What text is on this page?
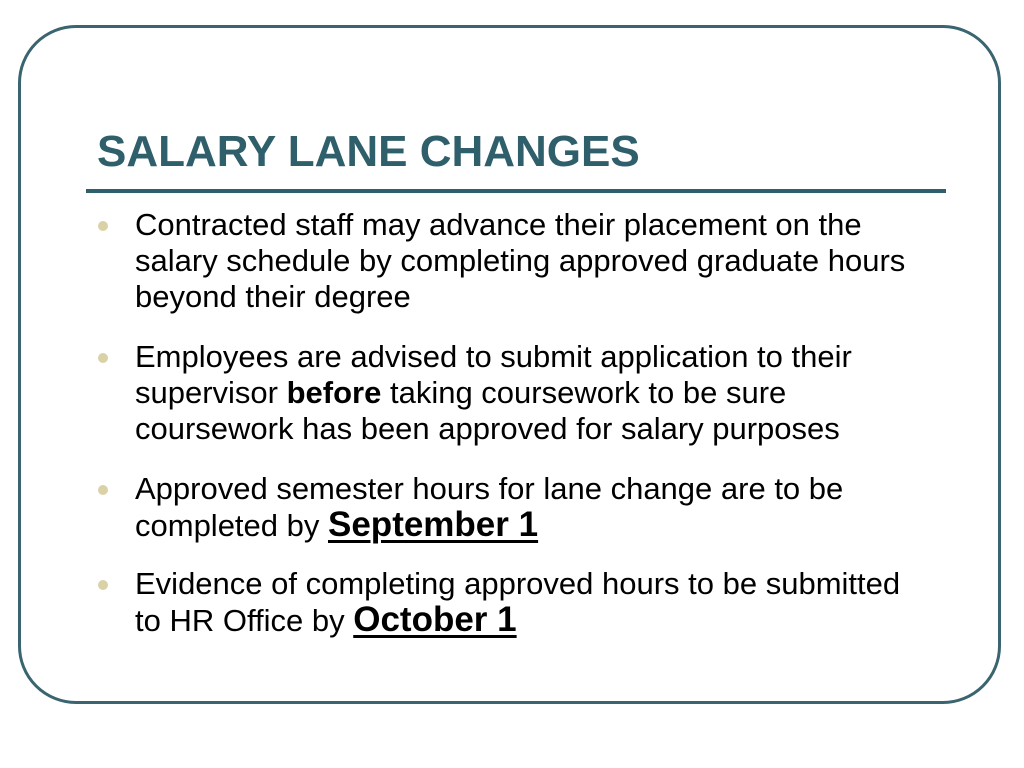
SALARY LANE CHANGES
Contracted staff may advance their placement on the salary schedule by completing approved graduate hours beyond their degree
Employees are advised to submit application to their supervisor before taking coursework to be sure coursework has been approved for salary purposes
Approved semester hours for lane change are to be completed by September 1
Evidence of completing approved hours to be submitted to HR Office by October 1
